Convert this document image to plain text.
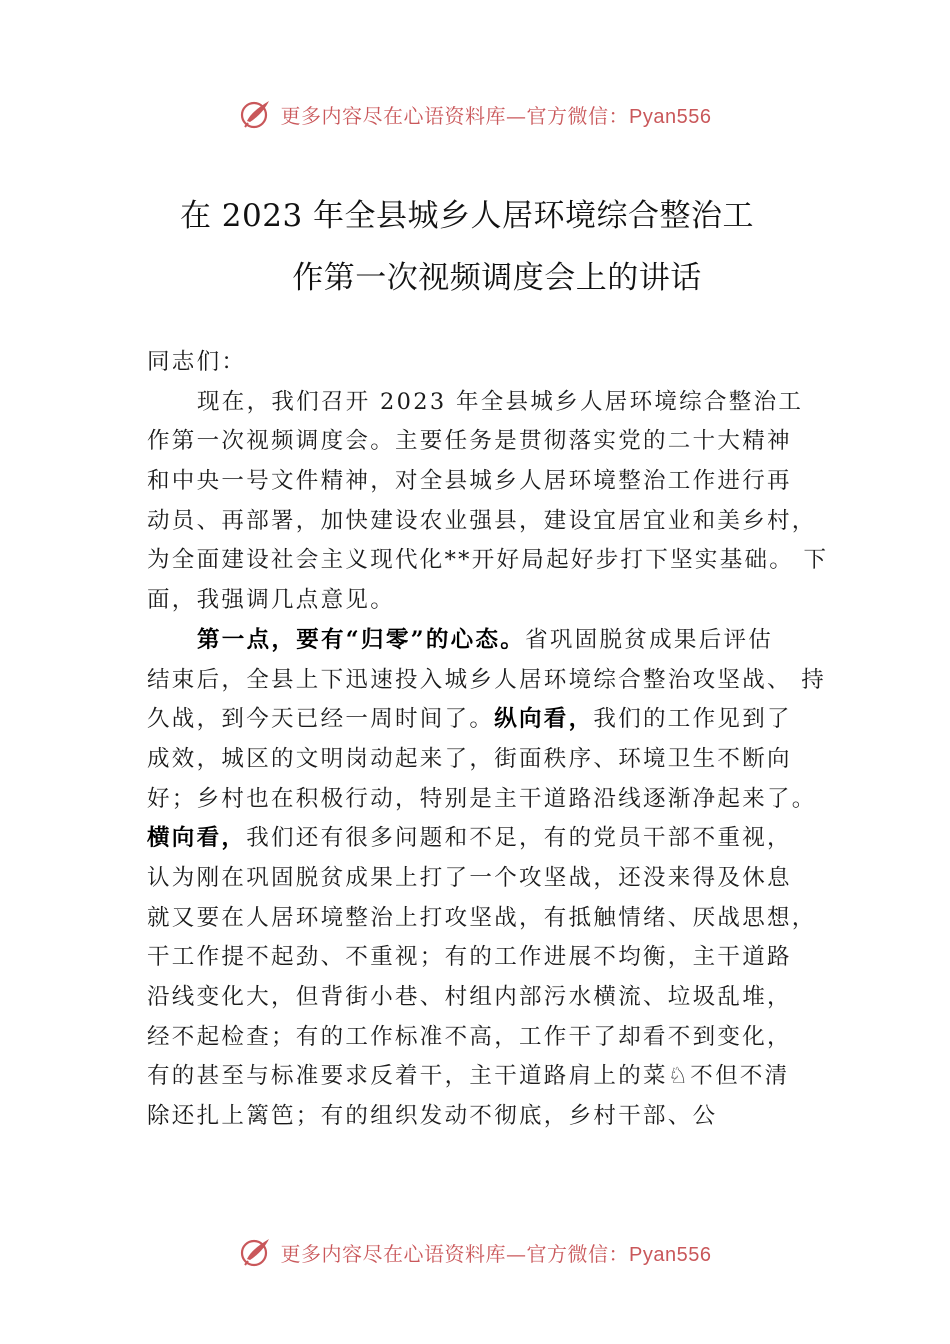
更多内容尽在心语资料库—官方微信：Pyan556
在 2023 年全县城乡人居环境综合整治工
作第一次视频调度会上的讲话
同志们：
现在，我们召开 2023 年全县城乡人居环境综合整治工
作第一次视频调度会。主要任务是贯彻落实党的二十大精神
和中央一号文件精神，对全县城乡人居环境整治工作进行再
动员、再部署，加快建设农业强县，建设宜居宜业和美乡村，
为全面建设社会主义现代化**开好局起好步打下坚实基础。 下
面，我强调几点意见。
第一点，要有“归零”的心态。省巩固脱贫成果后评估
结束后，全县上下迅速投入城乡人居环境综合整治攻坚战、 持
久战，到今天已经一周时间了。纵向看，我们的工作见到了
成效，城区的文明岗动起来了，街面秩序、环境卫生不断向
好；乡村也在积极行动，特别是主干道路沿线逐渐净起来了。
横向看，我们还有很多问题和不足，有的党员干部不重视，
认为刚在巩固脱贫成果上打了一个攻坚战，还没来得及休息
就又要在人居环境整治上打攻坚战，有抵触情绪、厌战思想，
干工作提不起劲、不重视；有的工作进展不均衡，主干道路
沿线变化大，但背街小巷、村组内部污水横流、垃圾乱堆，
经不起检查；有的工作标准不高，工作干了却看不到变化，
有的甚至与标准要求反着干，主干道路肩上的菜♘不但不清
除还扎上篱笆；有的组织发动不彻底，乡村干部、公
更多内容尽在心语资料库—官方微信：Pyan556
